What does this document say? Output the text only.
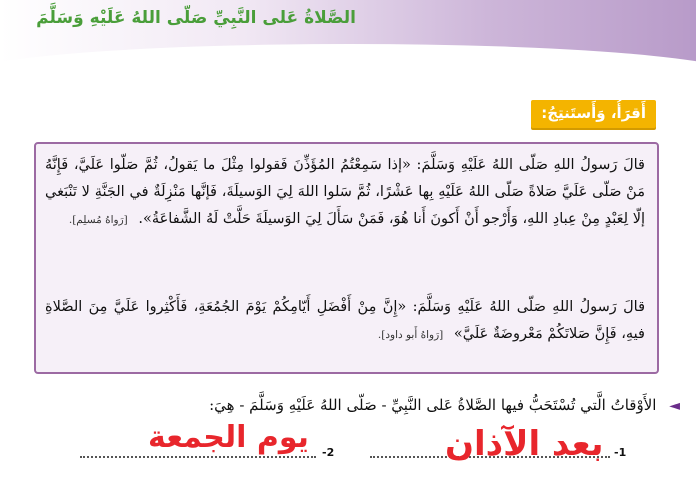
الصَّلاةُ عَلى النَّبِيِّ صَلّى اللهُ عَلَيْهِ وَسَلَّمَ
أَقرَأُ، وَأَستَنتِجُ:
قالَ رَسولُ اللهِ صَلّى اللهُ عَلَيْهِ وَسَلَّمَ: «إذا سَمِعْتُمُ المُؤَذِّنَ فَقولوا مِثْلَ ما يَقولُ، ثُمَّ صَلّوا عَلَيَّ، فَإِنَّهُ مَنْ صَلّى عَلَيَّ صَلاةً صَلّى اللهُ عَلَيْهِ بِها عَشْرًا، ثُمَّ سَلوا اللهَ لِيَ الوَسيلَةَ، فَإنَّها مَنْزِلَةٌ في الجَنَّةِ لا تَنْبَغي إلّا لِعَبْدٍ مِنْ عِبادِ اللهِ، وَأَرْجو أَنْ أَكونَ أَنا هُوَ، فَمَنْ سَأَلَ لِيَ الوَسيلَةَ حَلَّتْ لَهُ الشَّفاعَةُ». [رَواهُ مُسلِم].
قالَ رَسولُ اللهِ صَلّى اللهُ عَلَيْهِ وَسَلَّمَ: «إِنَّ مِنْ أَفْضَلِ أَيّامِكُمْ يَوْمَ الجُمُعَةِ، فَأَكْثِروا عَلَيَّ مِنَ الصَّلاةِ فيهِ، فَإِنَّ صَلاتَكُمْ مَعْروضَةٌ عَلَيَّ» [رَواهُ أَبو داود].
◄ الأَوْقاتُ الَّتي تُسْتَحَبُّ فيها الصَّلاةُ عَلى النَّبِيِّ - صَلّى اللهُ عَلَيْهِ وَسَلَّمَ - هِيَ:
-1
بعد الآذان
-2
يوم الجمعة
